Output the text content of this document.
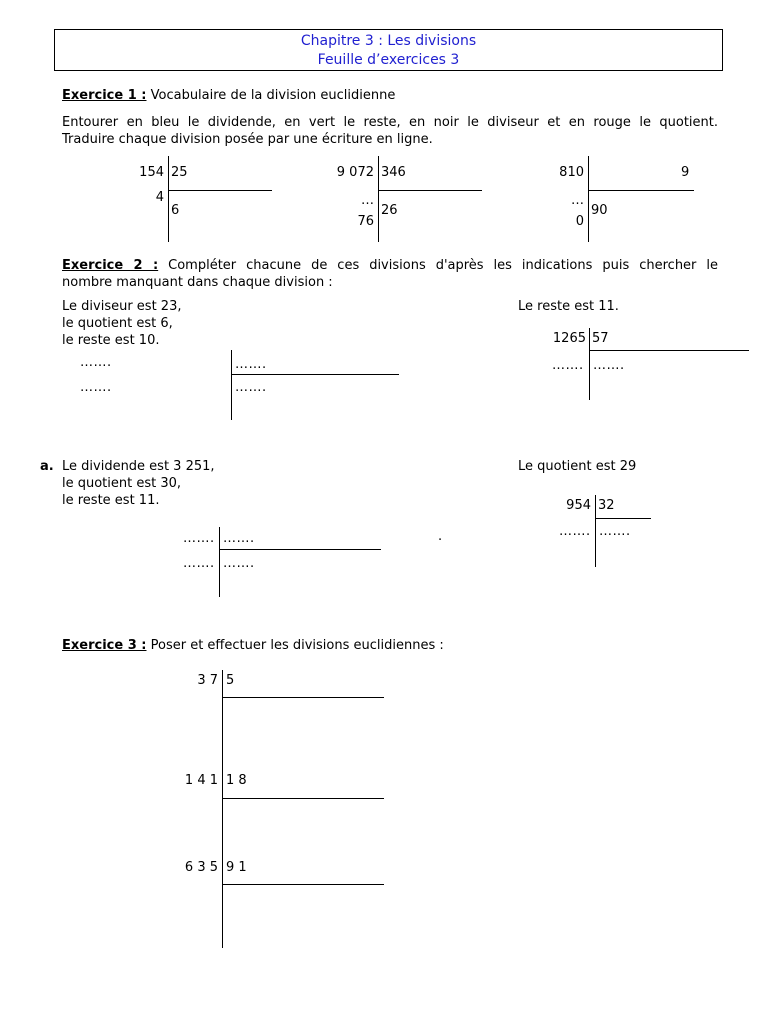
Chapitre 3 : Les divisions
Feuille d’exercices 3
Exercice 1 : Vocabulaire de la division euclidienne
Entourer en bleu le dividende, en vert le reste, en noir le diviseur et en rouge le quotient.
Traduire chaque division posée par une écriture en ligne.
154 25
4
6
9 072 346
…
76
26
810	9
…
0
90
Exercice 2 : Compléter chacune de ces divisions d'après les indications puis chercher le
nombre manquant dans chaque division :
Le diviseur est 23,
le quotient est 6,
le reste est 10.
…….
…….
…….
…….
Le reste est 11.
1265 57
……. …….
a. Le dividende est 3 251,
le quotient est 30,
le reste est 11.
……. …….
……. …….
.
Le quotient est 29
954 32
……. …….
Exercice 3 : Poser et effectuer les divisions euclidiennes :
3 7 5
1 4 1 1 8
6 3 5 9 1
